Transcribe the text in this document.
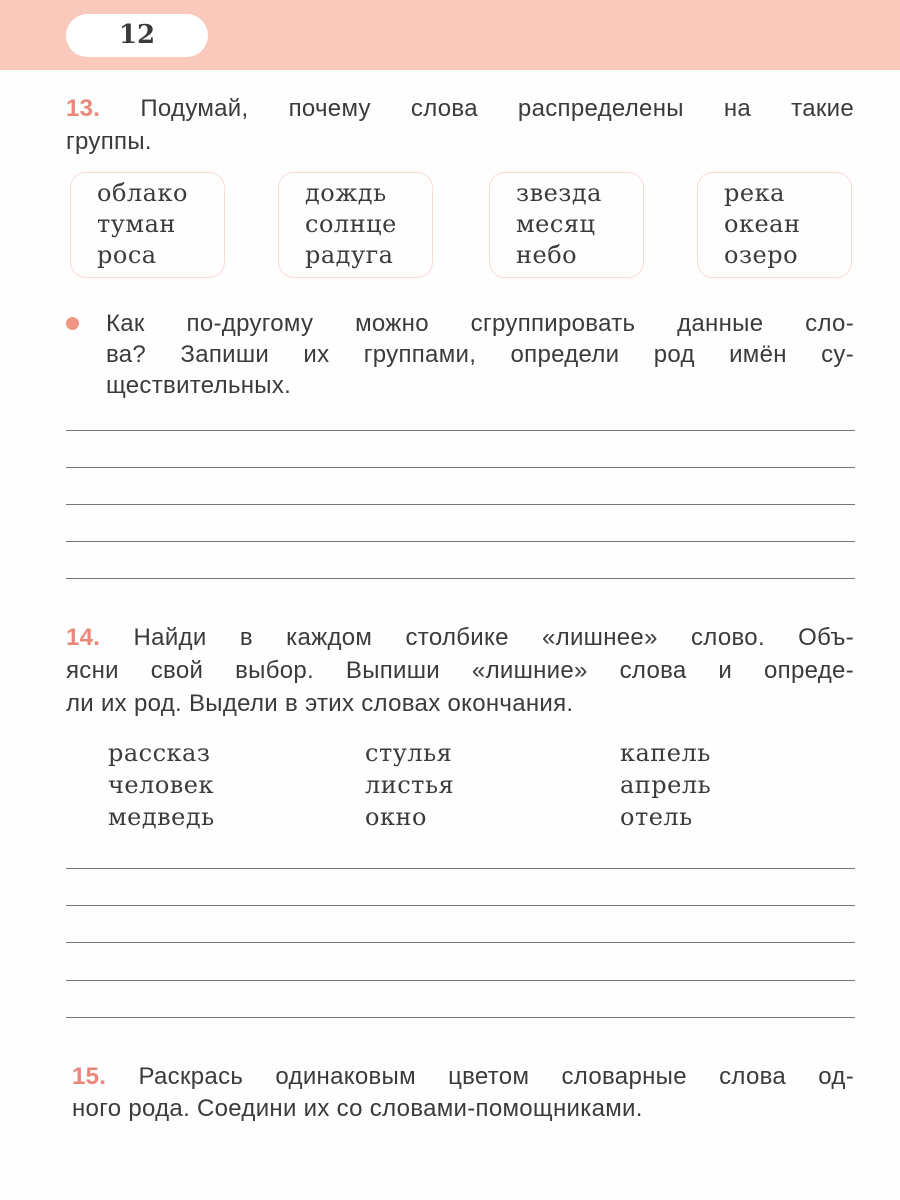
12
13. Подумай, почему слова распределены на такие
группы.
облако
туман
роса
дождь
солнце
радуга
звезда
месяц
небо
река
океан
озеро
Как по-другому можно сгруппировать данные сло-
ва? Запиши их группами, определи род имён су-
ществительных.
14. Найди в каждом столбике «лишнее» слово. Объ-
ясни свой выбор. Выпиши «лишние» слова и опреде-
ли их род. Выдели в этих словах окончания.
рассказ
человек
медведь
стулья
листья
окно
капель
апрель
отель
15. Раскрась одинаковым цветом словарные слова од-
ного рода. Соедини их со словами-помощниками.
